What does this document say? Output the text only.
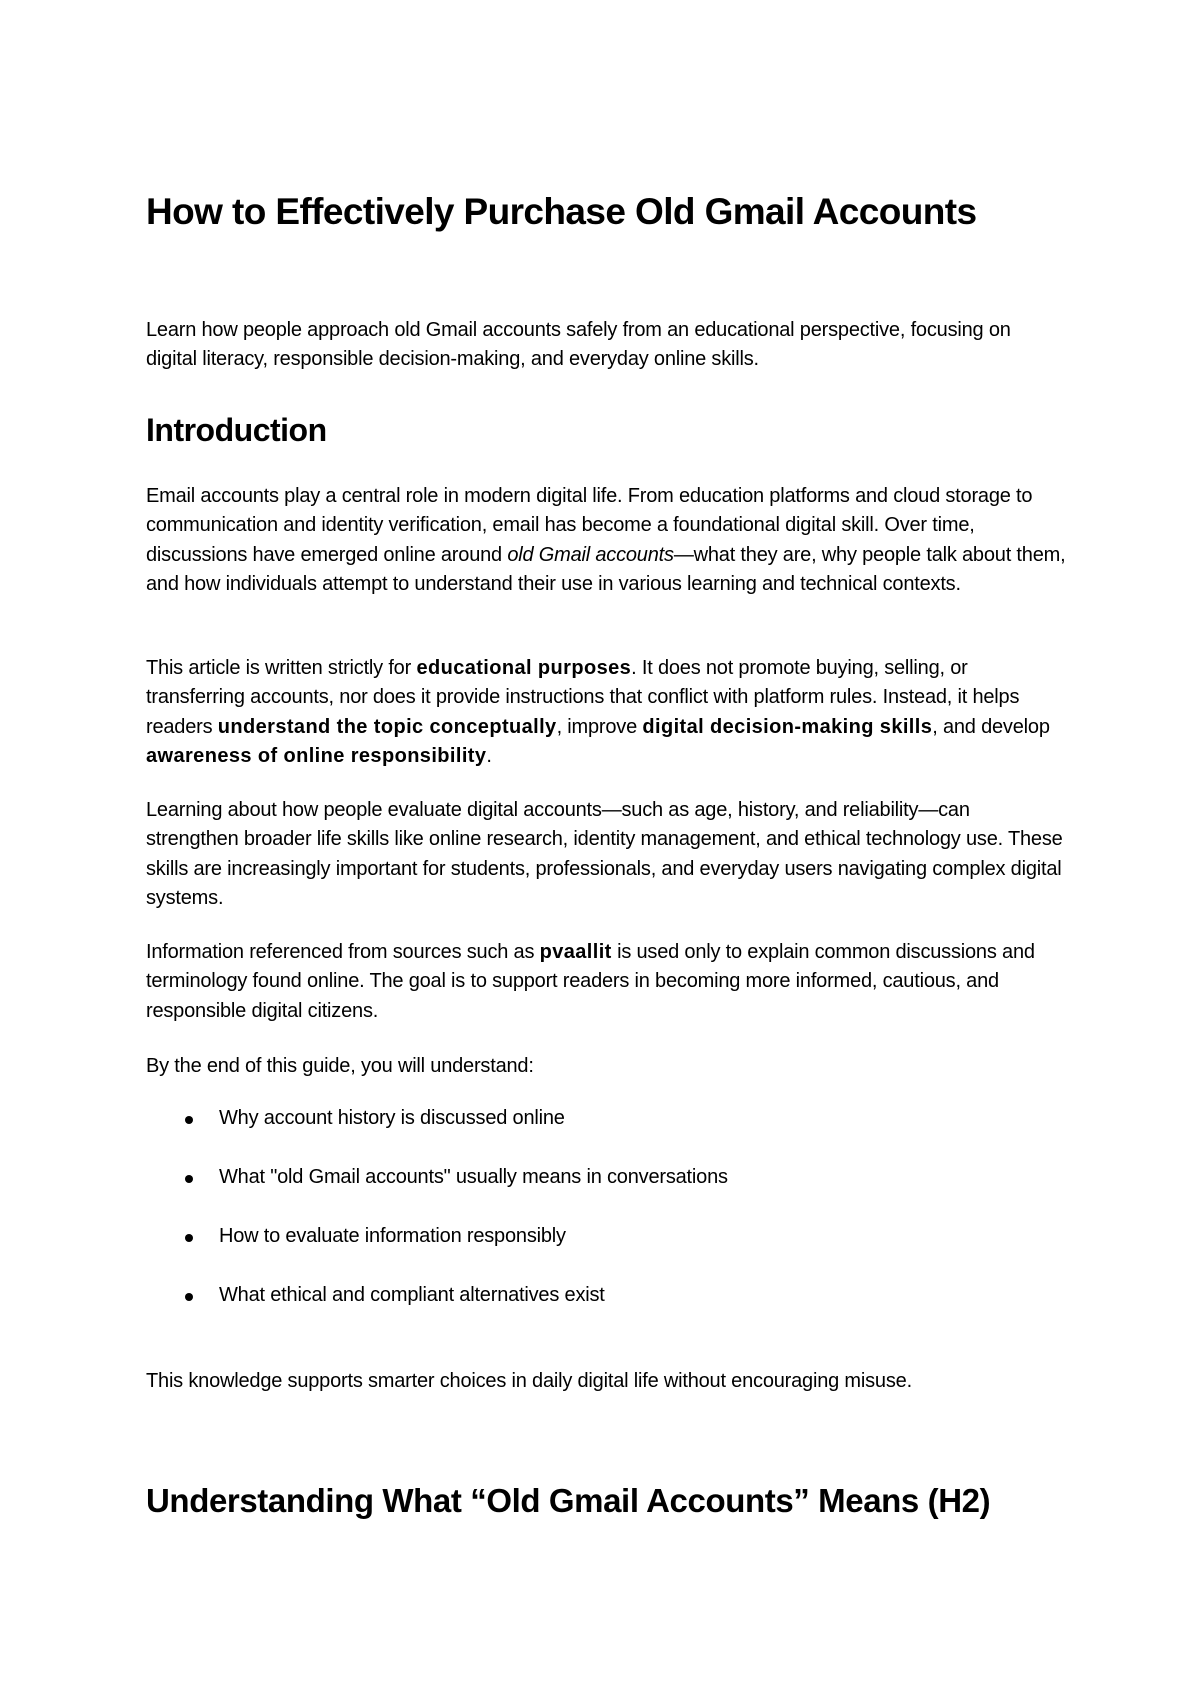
How to Effectively Purchase Old Gmail Accounts

Learn how people approach old Gmail accounts safely from an educational perspective, focusing on digital literacy, responsible decision-making, and everyday online skills.

Introduction

Email accounts play a central role in modern digital life. From education platforms and cloud storage to communication and identity verification, email has become a foundational digital skill. Over time, discussions have emerged online around old Gmail accounts—what they are, why people talk about them, and how individuals attempt to understand their use in various learning and technical contexts.

This article is written strictly for educational purposes. It does not promote buying, selling, or transferring accounts, nor does it provide instructions that conflict with platform rules. Instead, it helps readers understand the topic conceptually, improve digital decision-making skills, and develop awareness of online responsibility.

Learning about how people evaluate digital accounts—such as age, history, and reliability—can strengthen broader life skills like online research, identity management, and ethical technology use. These skills are increasingly important for students, professionals, and everyday users navigating complex digital systems.

Information referenced from sources such as pvaallit is used only to explain common discussions and terminology found online. The goal is to support readers in becoming more informed, cautious, and responsible digital citizens.

By the end of this guide, you will understand:

Why account history is discussed online
What "old Gmail accounts" usually means in conversations
How to evaluate information responsibly
What ethical and compliant alternatives exist

This knowledge supports smarter choices in daily digital life without encouraging misuse.

Understanding What “Old Gmail Accounts” Means (H2)
